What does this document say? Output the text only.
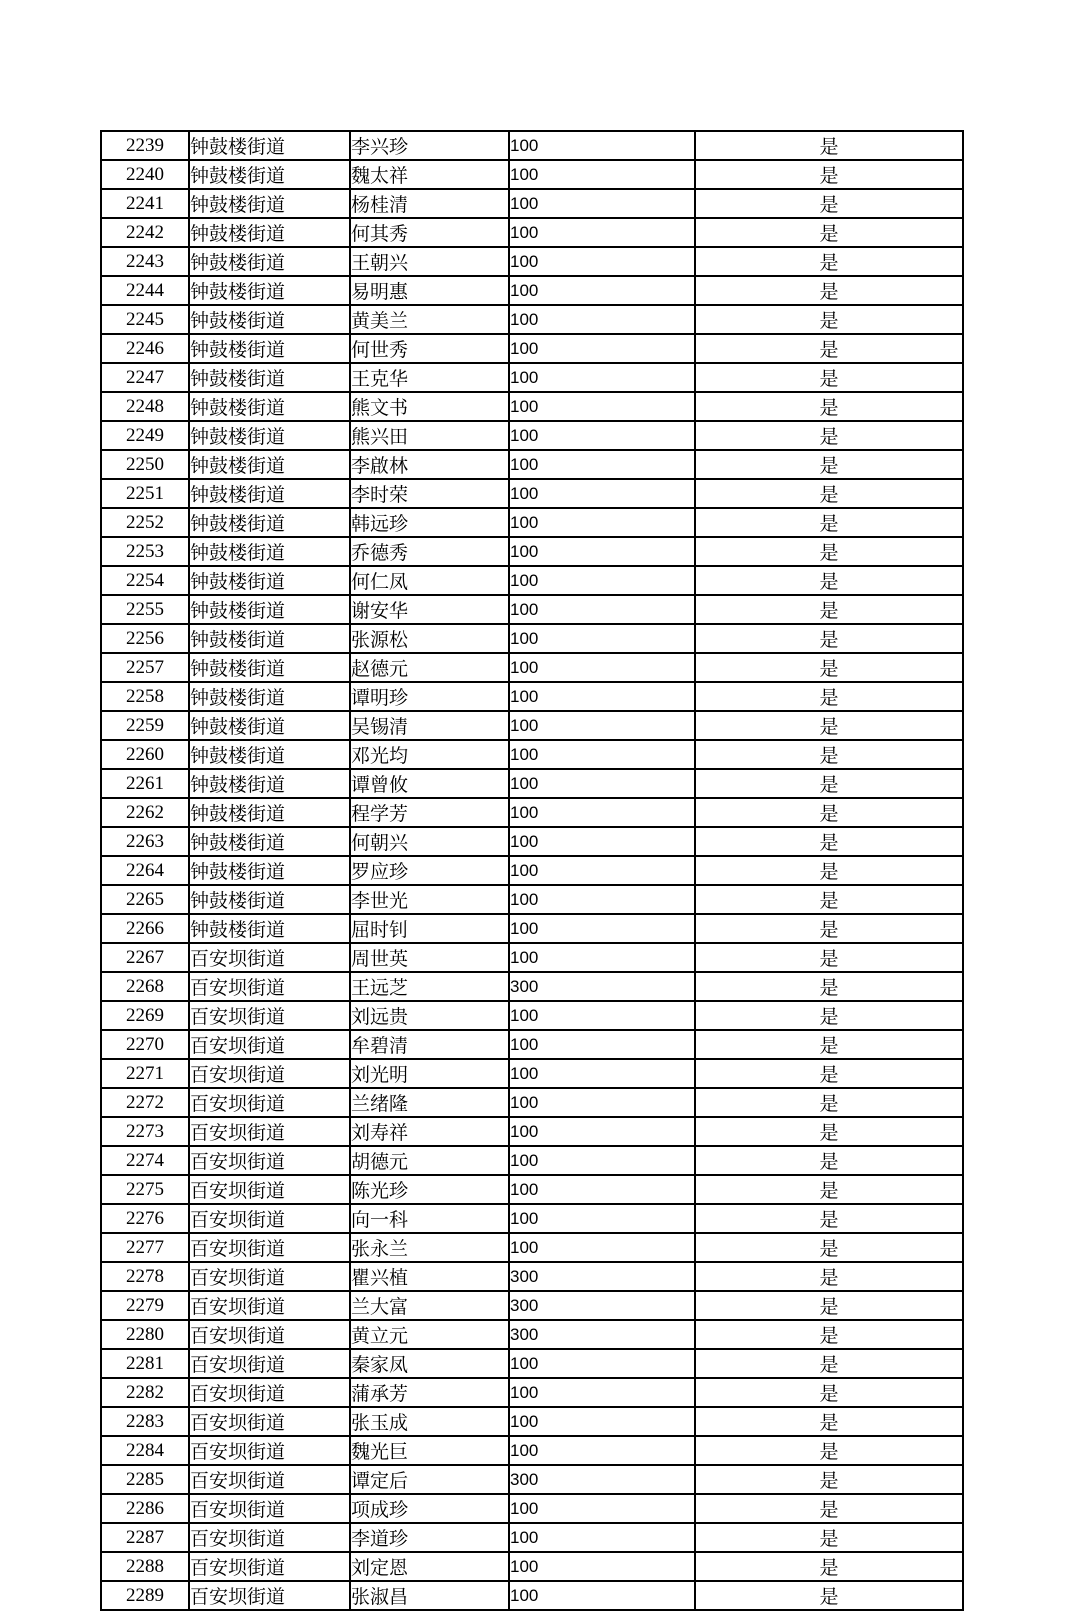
2239	钟鼓楼街道	李兴珍	100	是
2240	钟鼓楼街道	魏太祥	100	是
2241	钟鼓楼街道	杨桂清	100	是
2242	钟鼓楼街道	何其秀	100	是
2243	钟鼓楼街道	王朝兴	100	是
2244	钟鼓楼街道	易明惠	100	是
2245	钟鼓楼街道	黄美兰	100	是
2246	钟鼓楼街道	何世秀	100	是
2247	钟鼓楼街道	王克华	100	是
2248	钟鼓楼街道	熊文书	100	是
2249	钟鼓楼街道	熊兴田	100	是
2250	钟鼓楼街道	李啟林	100	是
2251	钟鼓楼街道	李时荣	100	是
2252	钟鼓楼街道	韩远珍	100	是
2253	钟鼓楼街道	乔德秀	100	是
2254	钟鼓楼街道	何仁凤	100	是
2255	钟鼓楼街道	谢安华	100	是
2256	钟鼓楼街道	张源松	100	是
2257	钟鼓楼街道	赵德元	100	是
2258	钟鼓楼街道	谭明珍	100	是
2259	钟鼓楼街道	吴锡清	100	是
2260	钟鼓楼街道	邓光均	100	是
2261	钟鼓楼街道	谭曾攸	100	是
2262	钟鼓楼街道	程学芳	100	是
2263	钟鼓楼街道	何朝兴	100	是
2264	钟鼓楼街道	罗应珍	100	是
2265	钟鼓楼街道	李世光	100	是
2266	钟鼓楼街道	屈时钊	100	是
2267	百安坝街道	周世英	100	是
2268	百安坝街道	王远芝	300	是
2269	百安坝街道	刘远贵	100	是
2270	百安坝街道	牟碧清	100	是
2271	百安坝街道	刘光明	100	是
2272	百安坝街道	兰绪隆	100	是
2273	百安坝街道	刘寿祥	100	是
2274	百安坝街道	胡德元	100	是
2275	百安坝街道	陈光珍	100	是
2276	百安坝街道	向一科	100	是
2277	百安坝街道	张永兰	100	是
2278	百安坝街道	瞿兴植	300	是
2279	百安坝街道	兰大富	300	是
2280	百安坝街道	黄立元	300	是
2281	百安坝街道	秦家凤	100	是
2282	百安坝街道	蒲承芳	100	是
2283	百安坝街道	张玉成	100	是
2284	百安坝街道	魏光巨	100	是
2285	百安坝街道	谭定后	300	是
2286	百安坝街道	项成珍	100	是
2287	百安坝街道	李道珍	100	是
2288	百安坝街道	刘定恩	100	是
2289	百安坝街道	张淑昌	100	是
